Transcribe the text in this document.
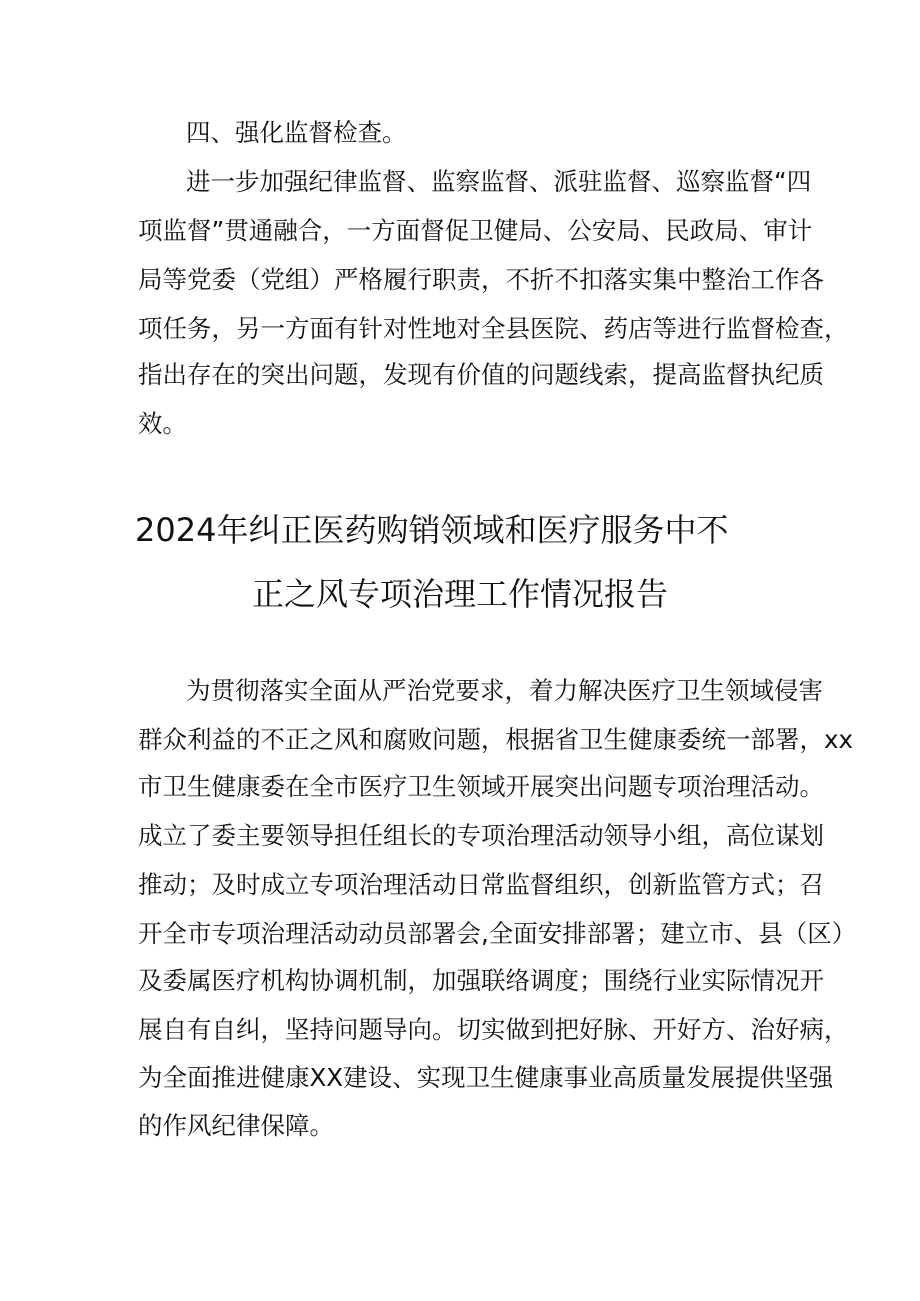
四、强化监督检查。
进一步加强纪律监督、监察监督、派驻监督、巡察监督“四
项监督”贯通融合，一方面督促卫健局、公安局、民政局、审计
局等党委（党组）严格履行职责，不折不扣落实集中整治工作各
项任务，另一方面有针对性地对全县医院、药店等进行监督检查，
指出存在的突出问题，发现有价值的问题线索，提高监督执纪质
效。
2024年纠正医药购销领域和医疗服务中不
正之风专项治理工作情况报告
为贯彻落实全面从严治党要求，着力解决医疗卫生领域侵害
群众利益的不正之风和腐败问题，根据省卫生健康委统一部署，xx
市卫生健康委在全市医疗卫生领域开展突出问题专项治理活动。
成立了委主要领导担任组长的专项治理活动领导小组，高位谋划
推动；及时成立专项治理活动日常监督组织，创新监管方式；召
开全市专项治理活动动员部署会,全面安排部署；建立市、县（区）
及委属医疗机构协调机制，加强联络调度；围绕行业实际情况开
展自有自纠，坚持问题导向。切实做到把好脉、开好方、治好病，
为全面推进健康XX建设、实现卫生健康事业高质量发展提供坚强
的作风纪律保障。
